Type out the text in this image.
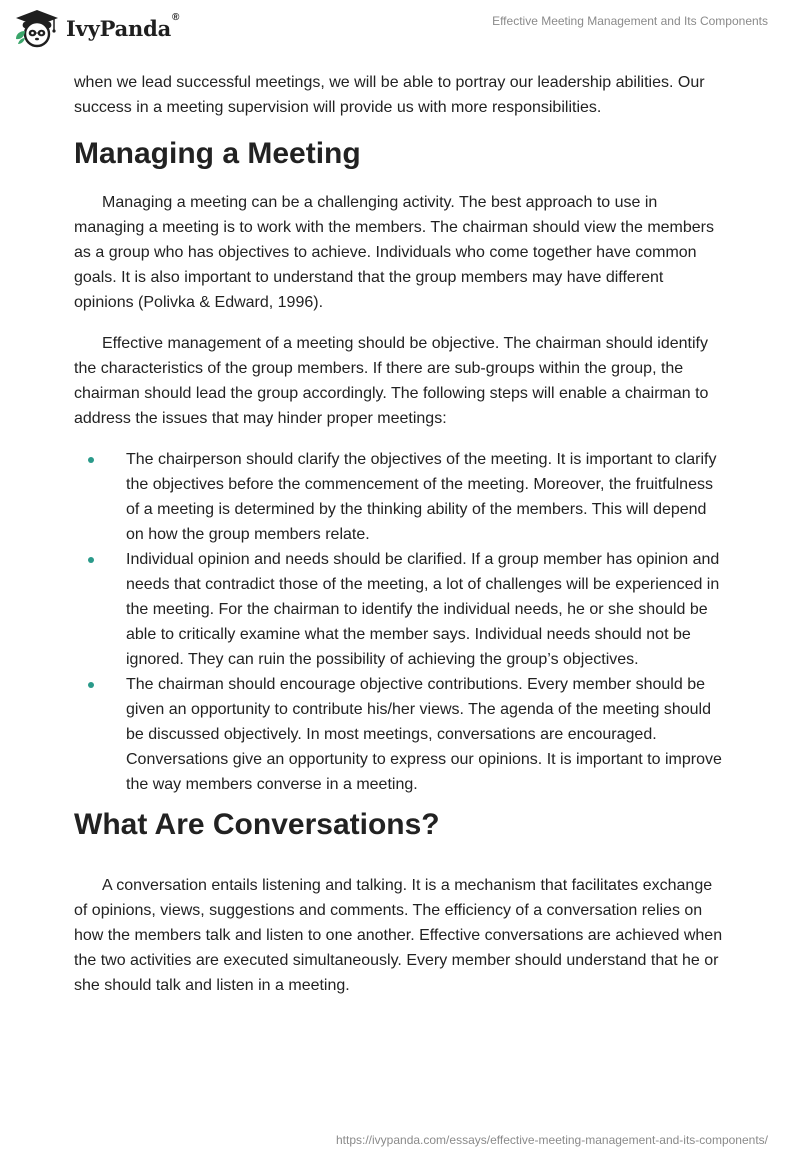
IvyPanda®	Effective Meeting Management and Its Components

when we lead successful meetings, we will be able to portray our leadership abilities. Our success in a meeting supervision will provide us with more responsibilities.

Managing a Meeting

Managing a meeting can be a challenging activity. The best approach to use in managing a meeting is to work with the members. The chairman should view the members as a group who has objectives to achieve. Individuals who come together have common goals. It is also important to understand that the group members may have different opinions (Polivka & Edward, 1996).

Effective management of a meeting should be objective. The chairman should identify the characteristics of the group members. If there are sub-groups within the group, the chairman should lead the group accordingly. The following steps will enable a chairman to address the issues that may hinder proper meetings:

The chairperson should clarify the objectives of the meeting. It is important to clarify the objectives before the commencement of the meeting. Moreover, the fruitfulness of a meeting is determined by the thinking ability of the members. This will depend on how the group members relate.
Individual opinion and needs should be clarified. If a group member has opinion and needs that contradict those of the meeting, a lot of challenges will be experienced in the meeting. For the chairman to identify the individual needs, he or she should be able to critically examine what the member says. Individual needs should not be ignored. They can ruin the possibility of achieving the group’s objectives.
The chairman should encourage objective contributions. Every member should be given an opportunity to contribute his/her views. The agenda of the meeting should be discussed objectively. In most meetings, conversations are encouraged. Conversations give an opportunity to express our opinions. It is important to improve the way members converse in a meeting.
What Are Conversations?

A conversation entails listening and talking. It is a mechanism that facilitates exchange of opinions, views, suggestions and comments. The efficiency of a conversation relies on how the members talk and listen to one another. Effective conversations are achieved when the two activities are executed simultaneously. Every member should understand that he or she should talk and listen in a meeting.

https://ivypanda.com/essays/effective-meeting-management-and-its-components/
